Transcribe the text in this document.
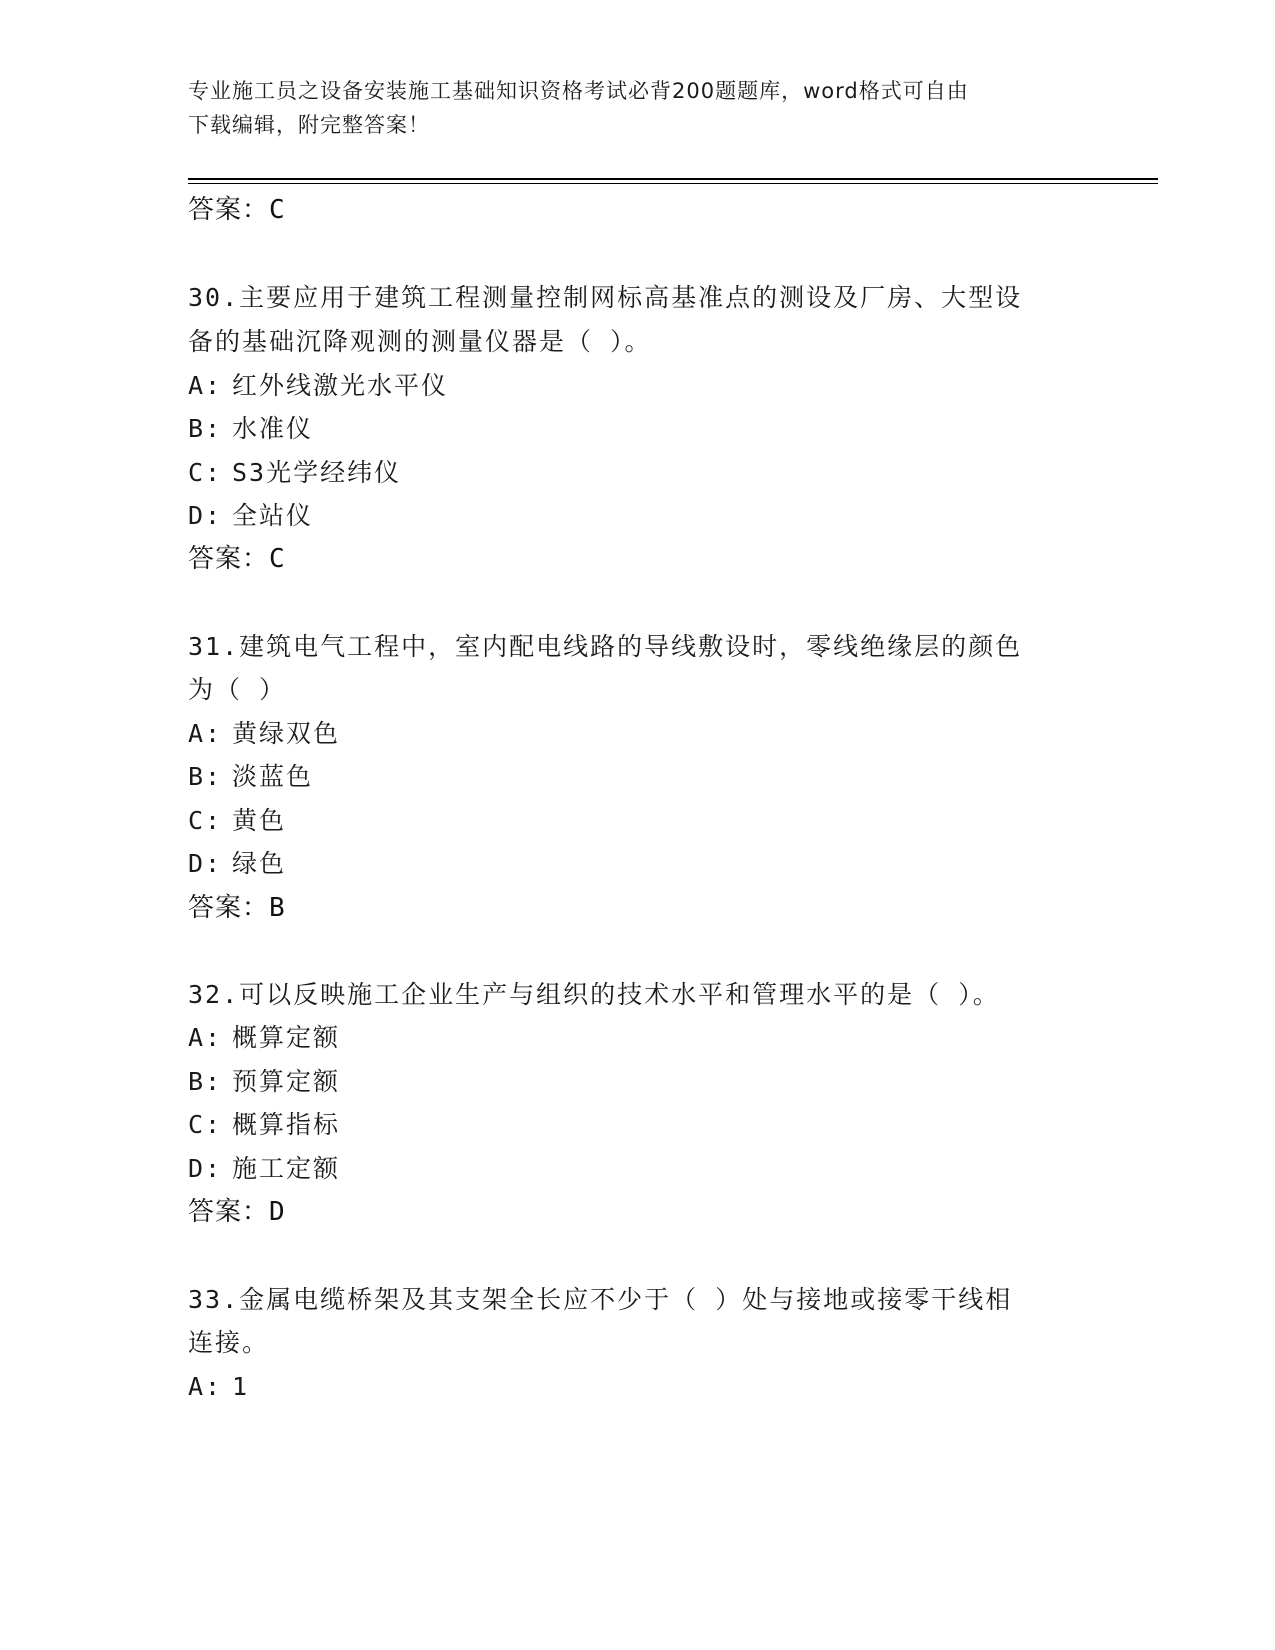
专业施工员之设备安装施工基础知识资格考试必背200题题库，word格式可自由
下载编辑，附完整答案！
答案：C
30.主要应用于建筑工程测量控制网标高基准点的测设及厂房、大型设
备的基础沉降观测的测量仪器是（ ）。
A: 红外线激光水平仪
B: 水准仪
C: S3光学经纬仪
D: 全站仪
答案：C
31.建筑电气工程中，室内配电线路的导线敷设时，零线绝缘层的颜色
为（ ）
A: 黄绿双色
B: 淡蓝色
C: 黄色
D: 绿色
答案：B
32.可以反映施工企业生产与组织的技术水平和管理水平的是（ ）。
A: 概算定额
B: 预算定额
C: 概算指标
D: 施工定额
答案：D
33.金属电缆桥架及其支架全长应不少于（ ）处与接地或接零干线相
连接。
A: 1
